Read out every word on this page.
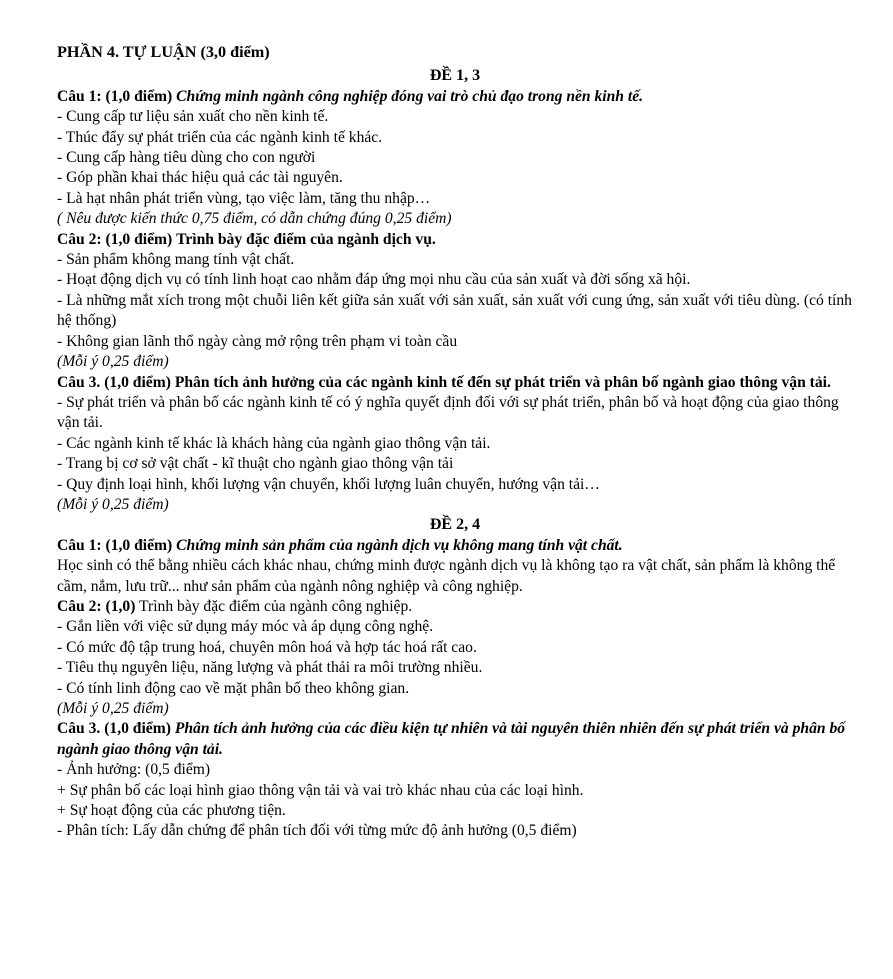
PHẦN 4. TỰ LUẬN (3,0 điểm)

ĐỀ 1, 3

Câu 1: (1,0 điểm) Chứng minh ngành công nghiệp đóng vai trò chủ đạo trong nền kinh tế.

- Cung cấp tư liệu sản xuất cho nền kinh tế.

- Thúc đẩy sự phát triển của các ngành kinh tế khác.

- Cung cấp hàng tiêu dùng cho con người

- Góp phần khai thác hiệu quả các tài nguyên.

- Là hạt nhân phát triển vùng, tạo việc làm, tăng thu nhập…

( Nêu được kiến thức 0,75 điểm, có dẫn chứng đúng 0,25 điểm)

Câu 2: (1,0 điểm) Trình bày đặc điểm của ngành dịch vụ.

- Sản phẩm không mang tính vật chất.

- Hoạt động dịch vụ có tính linh hoạt cao nhằm đáp ứng mọi nhu cầu của sản xuất và đời sống xã hội.

- Là những mắt xích trong một chuỗi liên kết giữa sản xuất với sản xuất, sản xuất với cung ứng, sản xuất với tiêu dùng. (có tính hệ thống)

- Không gian lãnh thổ ngày càng mở rộng trên phạm vi toàn cầu

(Mỗi ý 0,25 điểm)

Câu 3. (1,0 điểm) Phân tích ảnh hưởng của các ngành kinh tế đến sự phát triển và phân bố ngành giao thông vận tải.

- Sự phát triển và phân bố các ngành kinh tế có ý nghĩa quyết định đối với sự phát triển, phân bố và hoạt động của giao thông vận tải.

- Các ngành kinh tế khác là khách hàng của ngành giao thông vận tải.

- Trang bị cơ sở vật chất - kĩ thuật cho ngành giao thông vận tải

- Quy định loại hình, khối lượng vận chuyển, khối lượng luân chuyển, hướng vận tải…

(Mỗi ý 0,25 điểm)

ĐỀ 2, 4

Câu 1: (1,0 điểm) Chứng minh sản phẩm của ngành dịch vụ không mang tính vật chất.

Học sinh có thể bằng nhiều cách khác nhau, chứng minh được ngành dịch vụ là không tạo ra vật chất, sản phẩm là không thể cầm, nắm, lưu trữ... như sản phẩm của ngành nông nghiệp và công nghiệp.

Câu 2: (1,0) Trình bày đặc điểm của ngành công nghiệp.

- Gắn liền với việc sử dụng máy móc và áp dụng công nghệ.

- Có mức độ tập trung hoá, chuyên môn hoá và hợp tác hoá rất cao.

- Tiêu thụ nguyên liệu, năng lượng và phát thải ra môi trường nhiều.

- Có tính linh động cao về mặt phân bố theo không gian.

(Mỗi ý 0,25 điểm)

Câu 3. (1,0 điểm) Phân tích ảnh hưởng của các điều kiện tự nhiên và tài nguyên thiên nhiên đến sự phát triển và phân bố ngành giao thông vận tải.

- Ảnh hưởng: (0,5 điểm)

+ Sự phân bố các loại hình giao thông vận tải và vai trò khác nhau của các loại hình.

+ Sự hoạt động của các phương tiện.

- Phân tích: Lấy dẫn chứng để phân tích đối với từng mức độ ảnh hưởng (0,5 điểm)
